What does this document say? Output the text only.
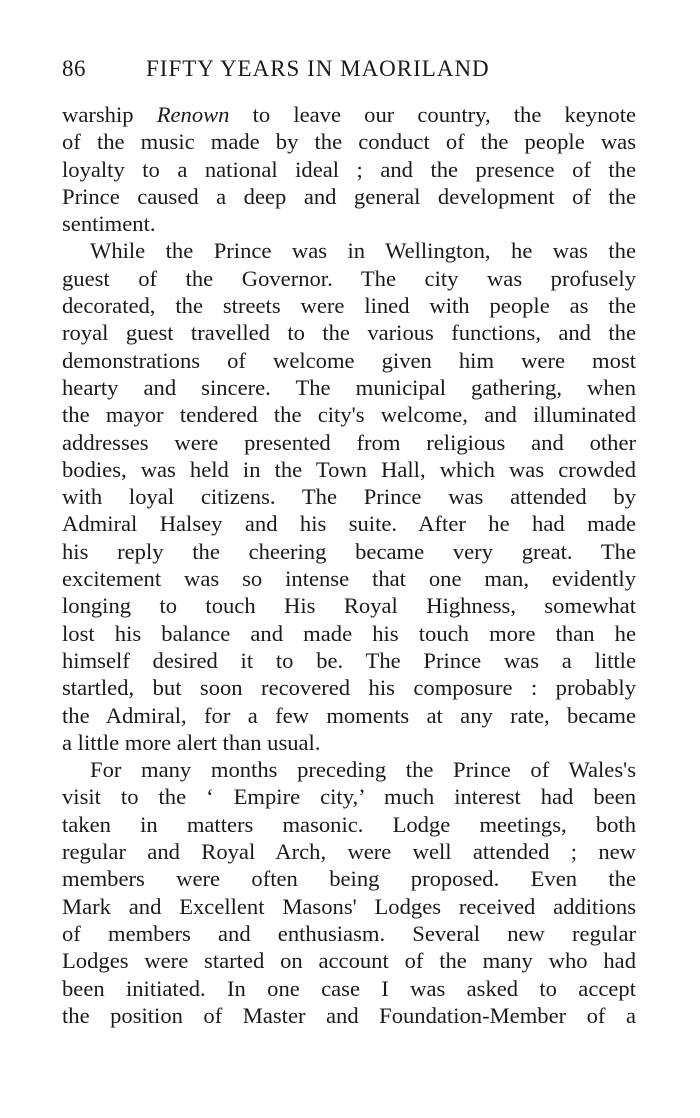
86	FIFTY YEARS IN MAORILAND
warship Renown to leave our country, the keynote
of the music made by the conduct of the people was
loyalty to a national ideal ; and the presence of the
Prince caused a deep and general development of the
sentiment.
While the Prince was in Wellington, he was the
guest of the Governor. The city was profusely
decorated, the streets were lined with people as the
royal guest travelled to the various functions, and the
demonstrations of welcome given him were most
hearty and sincere. The municipal gathering, when
the mayor tendered the city's welcome, and illuminated
addresses were presented from religious and other
bodies, was held in the Town Hall, which was crowded
with loyal citizens. The Prince was attended by
Admiral Halsey and his suite. After he had made
his reply the cheering became very great. The
excitement was so intense that one man, evidently
longing to touch His Royal Highness, somewhat
lost his balance and made his touch more than he
himself desired it to be. The Prince was a little
startled, but soon recovered his composure : probably
the Admiral, for a few moments at any rate, became
a little more alert than usual.
For many months preceding the Prince of Wales's
visit to the ‘ Empire city,’ much interest had been
taken in matters masonic. Lodge meetings, both
regular and Royal Arch, were well attended ; new
members were often being proposed. Even the
Mark and Excellent Masons' Lodges received additions
of members and enthusiasm. Several new regular
Lodges were started on account of the many who had
been initiated. In one case I was asked to accept
the position of Master and Foundation-Member of a
